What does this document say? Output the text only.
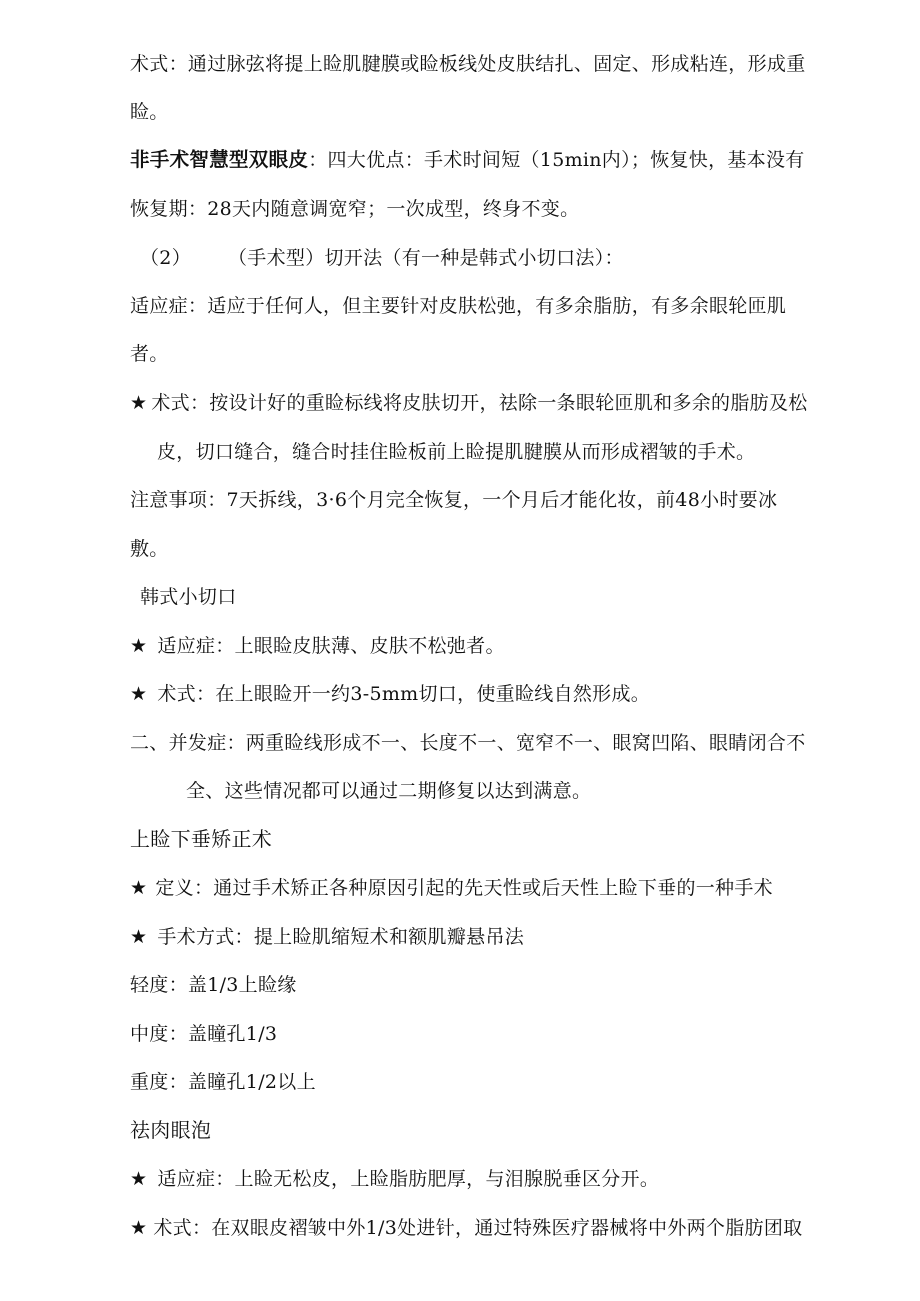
术式：通过脉弦将提上睑肌腱膜或睑板线处皮肤结扎、固定、形成粘连，形成重
睑。
非手术智慧型双眼皮：四大优点：手术时间短（15min内）；恢复快，基本没有
恢复期：28天内随意调宽窄；一次成型，终身不变。
（2） （手术型）切开法（有一种是韩式小切口法）：
适应症：适应于任何人，但主要针对皮肤松弛，有多余脂肪，有多余眼轮匝肌
者。
★ 术式：按设计好的重睑标线将皮肤切开，祛除一条眼轮匝肌和多余的脂肪及松
皮，切口缝合，缝合时挂住睑板前上睑提肌腱膜从而形成褶皱的手术。
注意事项：7天拆线，3·6个月完全恢复，一个月后才能化妆，前48小时要冰
敷。
韩式小切口
★ 适应症：上眼睑皮肤薄、皮肤不松弛者。
★ 术式：在上眼睑开一约3-5mm切口，使重睑线自然形成。
二、并发症：两重睑线形成不一、长度不一、宽窄不一、眼窝凹陷、眼睛闭合不
全、这些情况都可以通过二期修复以达到满意。
上睑下垂矫正术
★ 定义：通过手术矫正各种原因引起的先天性或后天性上睑下垂的一种手术
★ 手术方式：提上睑肌缩短术和额肌瓣悬吊法
轻度：盖1/3上睑缘
中度：盖瞳孔1/3
重度：盖瞳孔1/2以上
祛肉眼泡
★ 适应症：上睑无松皮，上睑脂肪肥厚，与泪腺脱垂区分开。
★ 术式：在双眼皮褶皱中外1/3处进针，通过特殊医疗器械将中外两个脂肪团取
